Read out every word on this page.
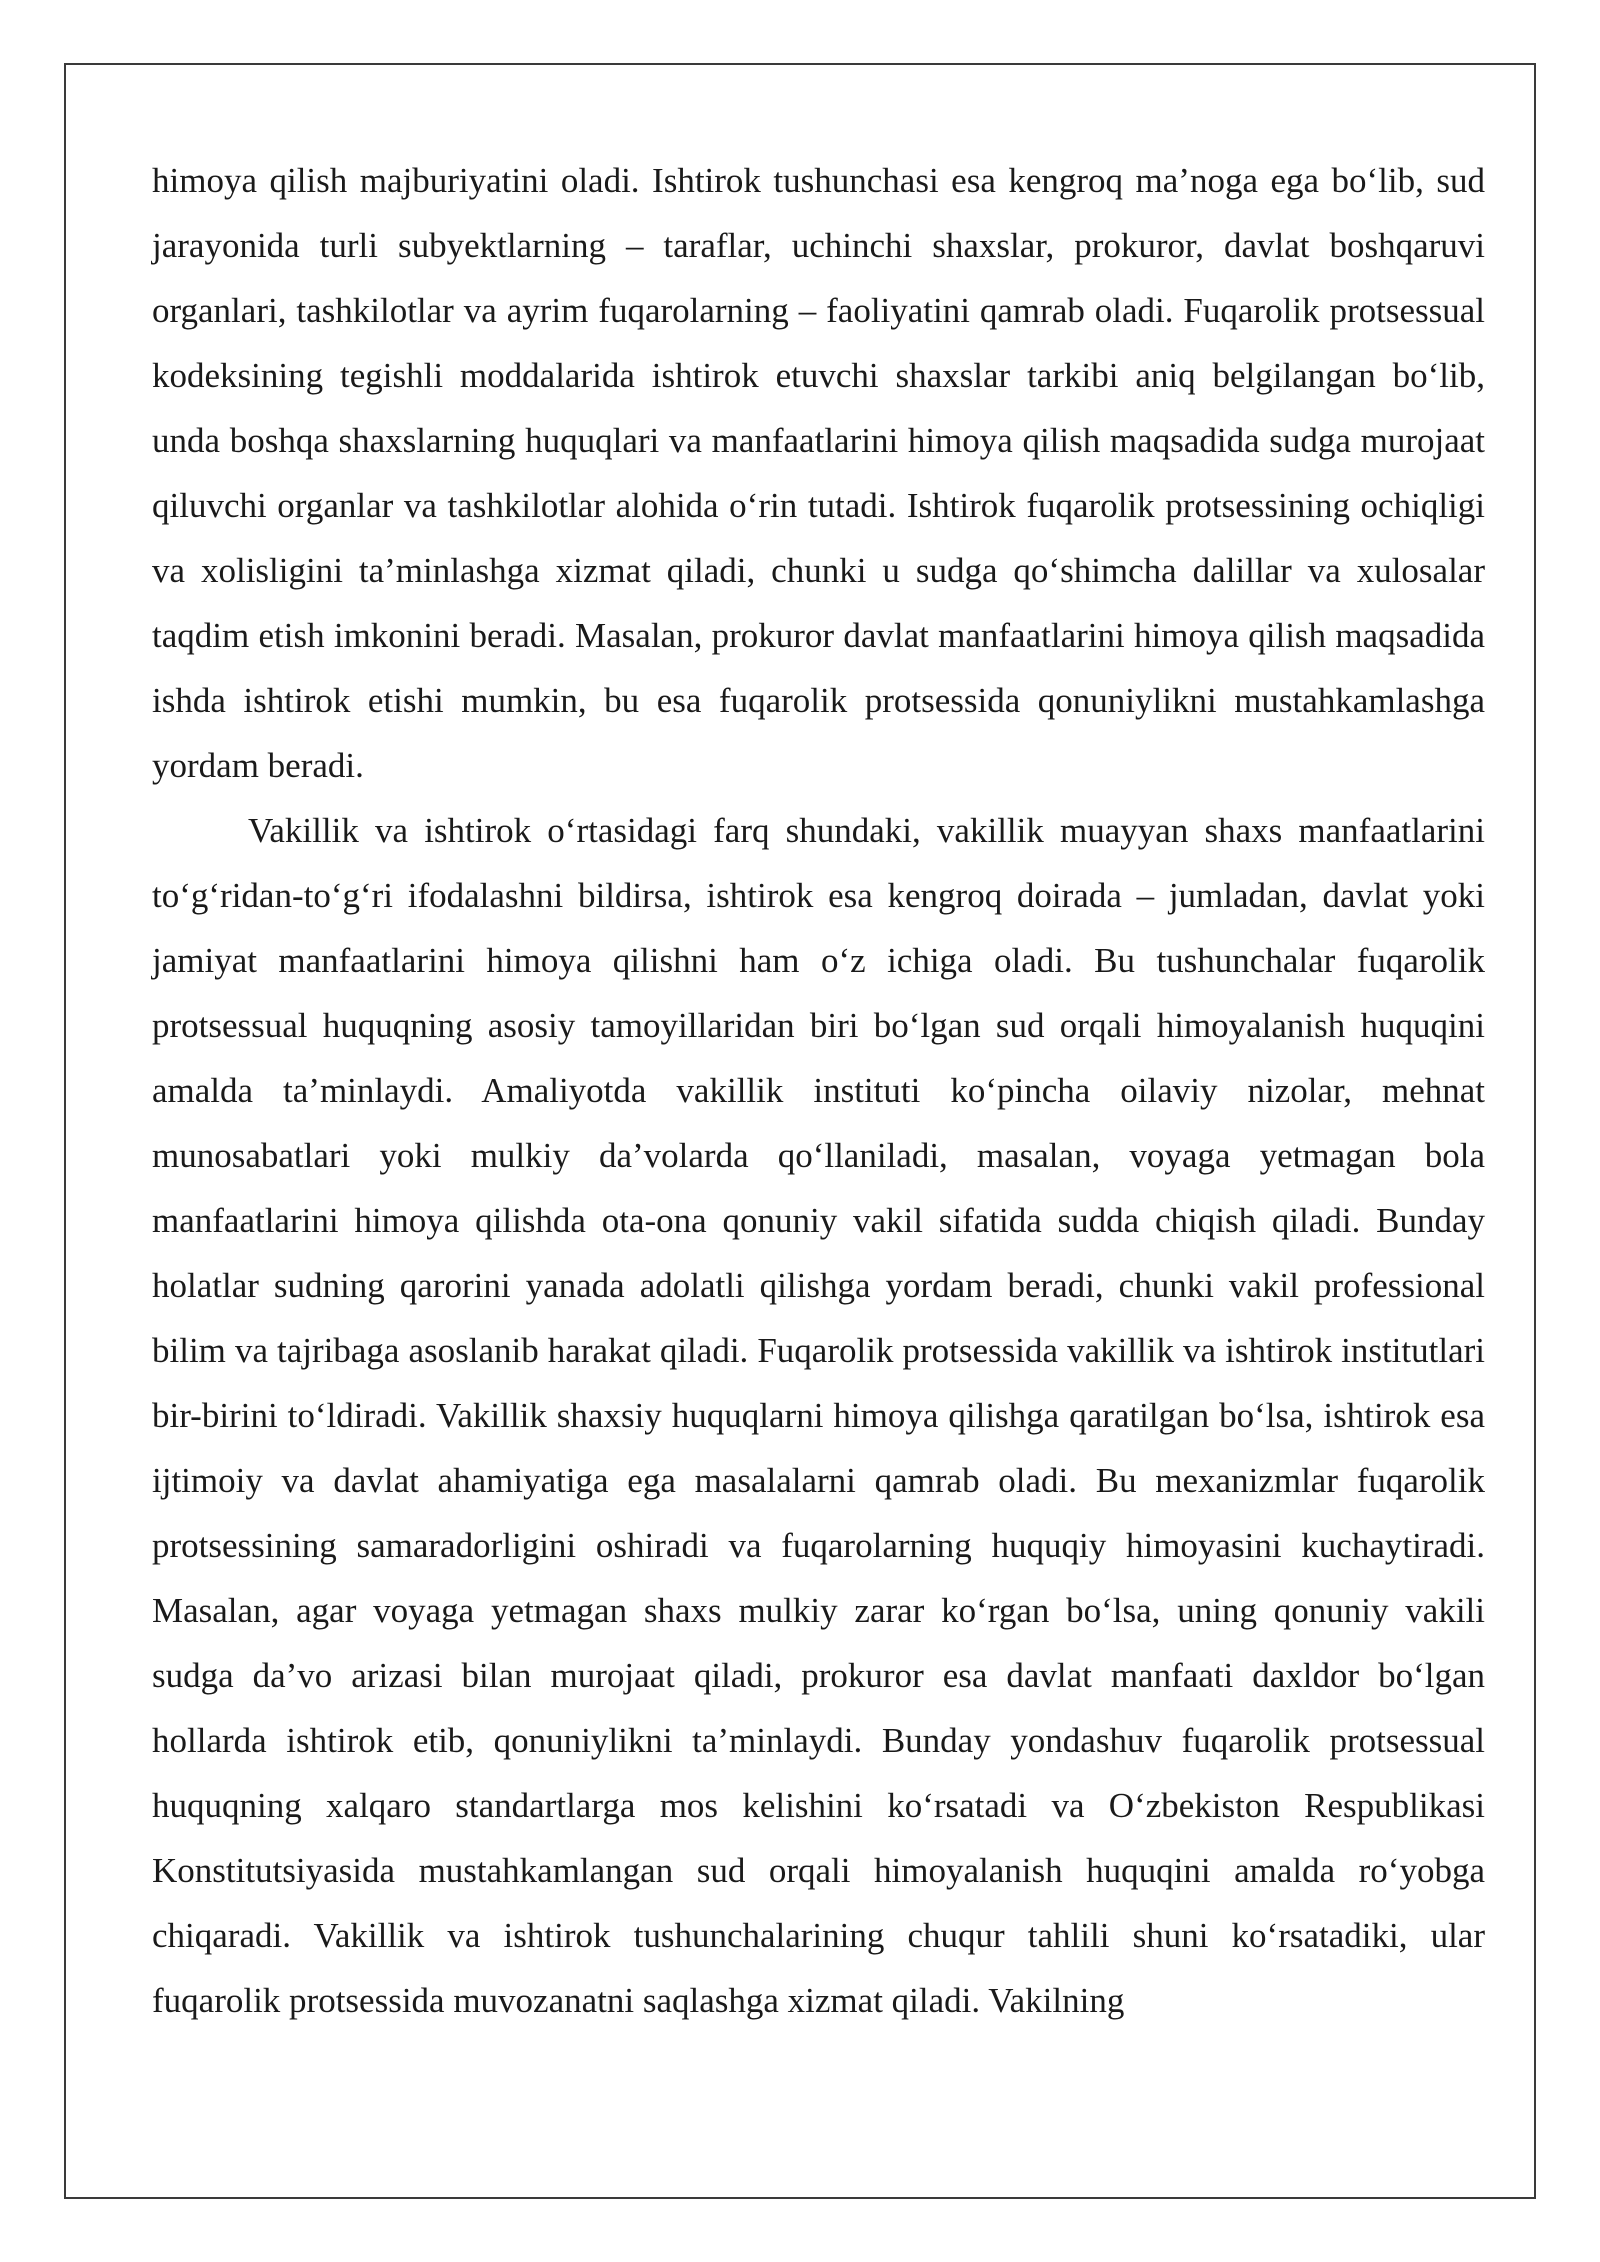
himoya qilish majburiyatini oladi. Ishtirok tushunchasi esa kengroq ma’noga ega bo‘lib, sud jarayonida turli subyektlarning – taraflar, uchinchi shaxslar, prokuror, davlat boshqaruvi organlari, tashkilotlar va ayrim fuqarolarning – faoliyatini qamrab oladi. Fuqarolik protsessual kodeksining tegishli moddalarida ishtirok etuvchi shaxslar tarkibi aniq belgilangan bo‘lib, unda boshqa shaxslarning huquqlari va manfaatlarini himoya qilish maqsadida sudga murojaat qiluvchi organlar va tashkilotlar alohida o‘rin tutadi. Ishtirok fuqarolik protsessining ochiqligi va xolisligini ta’minlashga xizmat qiladi, chunki u sudga qo‘shimcha dalillar va xulosalar taqdim etish imkonini beradi. Masalan, prokuror davlat manfaatlarini himoya qilish maqsadida ishda ishtirok etishi mumkin, bu esa fuqarolik protsessida qonuniylikni mustahkamlashga yordam beradi.

Vakillik va ishtirok o‘rtasidagi farq shundaki, vakillik muayyan shaxs manfaatlarini to‘g‘ridan-to‘g‘ri ifodalashni bildirsa, ishtirok esa kengroq doirada – jumladan, davlat yoki jamiyat manfaatlarini himoya qilishni ham o‘z ichiga oladi. Bu tushunchalar fuqarolik protsessual huquqning asosiy tamoyillaridan biri bo‘lgan sud orqali himoyalanish huquqini amalda ta’minlaydi. Amaliyotda vakillik instituti ko‘pincha oilaviy nizolar, mehnat munosabatlari yoki mulkiy da’volarda qo‘llaniladi, masalan, voyaga yetmagan bola manfaatlarini himoya qilishda ota-ona qonuniy vakil sifatida sudda chiqish qiladi. Bunday holatlar sudning qarorini yanada adolatli qilishga yordam beradi, chunki vakil professional bilim va tajribaga asoslanib harakat qiladi. Fuqarolik protsessida vakillik va ishtirok institutlari bir-birini to‘ldiradi. Vakillik shaxsiy huquqlarni himoya qilishga qaratilgan bo‘lsa, ishtirok esa ijtimoiy va davlat ahamiyatiga ega masalalarni qamrab oladi. Bu mexanizmlar fuqarolik protsessining samaradorligini oshiradi va fuqarolarning huquqiy himoyasini kuchaytiradi. Masalan, agar voyaga yetmagan shaxs mulkiy zarar ko‘rgan bo‘lsa, uning qonuniy vakili sudga da’vo arizasi bilan murojaat qiladi, prokuror esa davlat manfaati daxldor bo‘lgan hollarda ishtirok etib, qonuniylikni ta’minlaydi. Bunday yondashuv fuqarolik protsessual huquqning xalqaro standartlarga mos kelishini ko‘rsatadi va O‘zbekiston Respublikasi Konstitutsiyasida mustahkamlangan sud orqali himoyalanish huquqini amalda ro‘yobga chiqaradi. Vakillik va ishtirok tushunchalarining chuqur tahlili shuni ko‘rsatadiki, ular fuqarolik protsessida muvozanatni saqlashga xizmat qiladi. Vakilning
